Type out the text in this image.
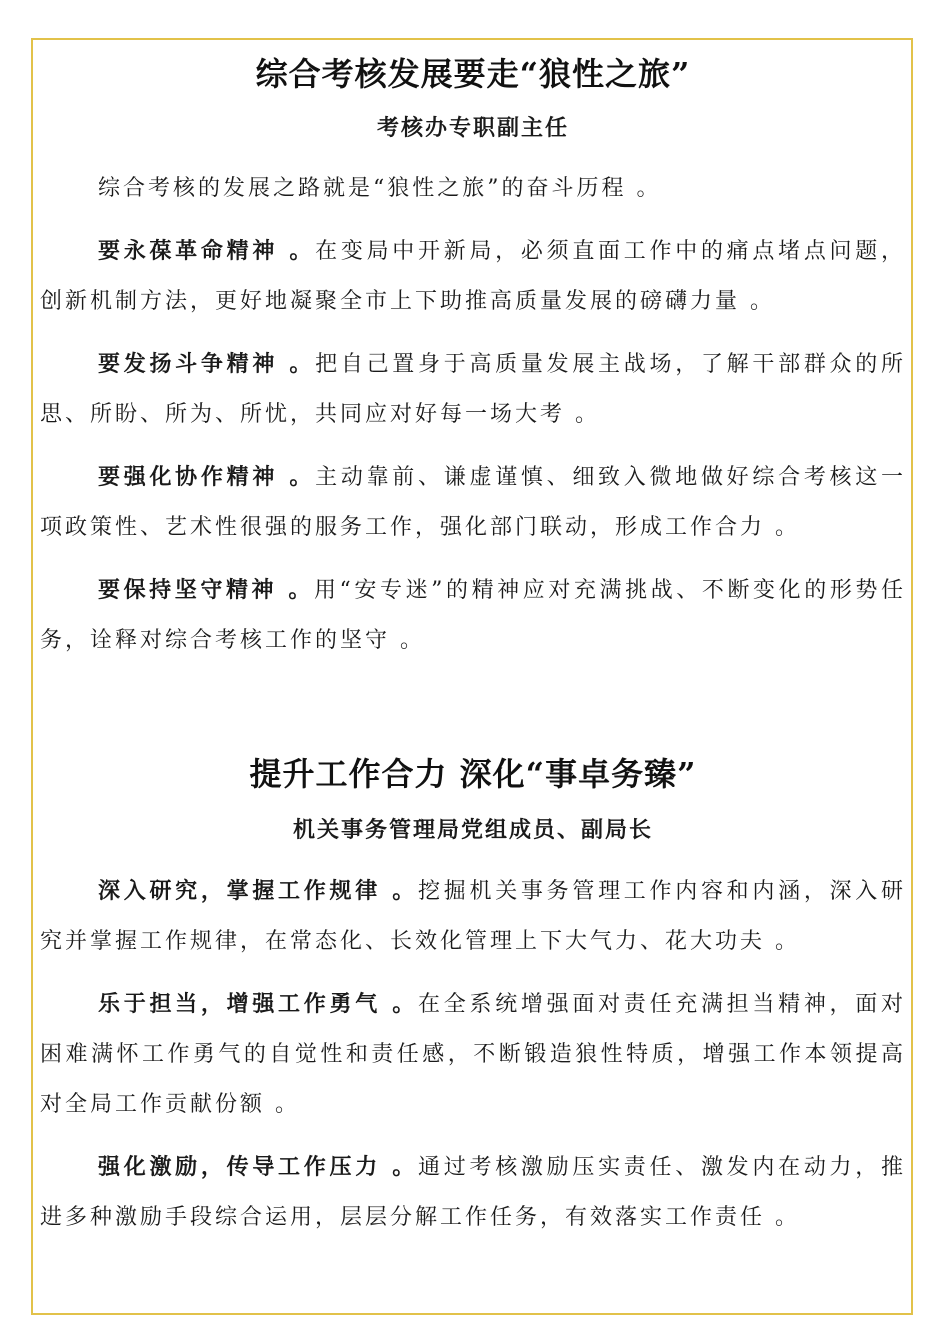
综合考核发展要走“狼性之旅”

考核办专职副主任

综合考核的发展之路就是“狼性之旅”的奋斗历程 。

要永葆革命精神 。在变局中开新局，必须直面工作中的痛点堵点问题，创新机制方法，更好地凝聚全市上下助推高质量发展的磅礴力量 。

要发扬斗争精神 。把自己置身于高质量发展主战场，了解干部群众的所思、所盼、所为、所忧，共同应对好每一场大考 。

要强化协作精神 。主动靠前、谦虚谨慎、细致入微地做好综合考核这一项政策性、艺术性很强的服务工作，强化部门联动，形成工作合力 。

要保持坚守精神 。用“安专迷”的精神应对充满挑战、不断变化的形势任务，诠释对综合考核工作的坚守 。

提升工作合力 深化“事卓务臻”

机关事务管理局党组成员、副局长

深入研究，掌握工作规律 。挖掘机关事务管理工作内容和内涵，深入研究并掌握工作规律，在常态化、长效化管理上下大气力、花大功夫 。

乐于担当，增强工作勇气 。在全系统增强面对责任充满担当精神，面对困难满怀工作勇气的自觉性和责任感，不断锻造狼性特质，增强工作本领提高对全局工作贡献份额 。

强化激励，传导工作压力 。通过考核激励压实责任、激发内在动力，推进多种激励手段综合运用，层层分解工作任务，有效落实工作责任 。
